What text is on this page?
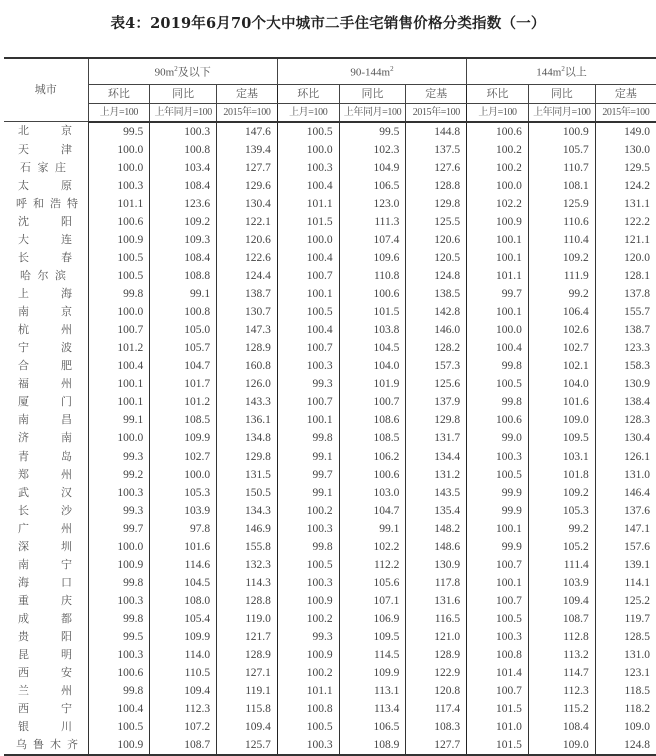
表4：2019年6月70个大中城市二手住宅销售价格分类指数（一）
城市	$90m^2$及以下			$90-144m^2$			$144m^2$以上		
	环比	同比	定基	环比	同比	定基	环比	同比	定基
	上月=100	上年同月=100	2015年=100	上月=100	上年同月=100	2015年=100	上月=100	上年同月=100	2015年=100

北京	99.5	100.3	147.6	100.5	99.5	144.8	100.6	100.9	149.0

天津	100.0	100.8	139.4	100.0	102.3	137.5	100.2	105.7	130.0

石家庄	100.0	103.4	127.7	100.3	104.9	127.6	100.2	110.7	129.5

太原	100.3	108.4	129.6	100.4	106.5	128.8	100.0	108.1	124.2

呼和浩特	101.1	123.6	130.4	101.1	123.0	129.8	102.2	125.9	131.1

沈阳	100.6	109.2	122.1	101.5	111.3	125.5	100.9	110.6	122.2

大连	100.9	109.3	120.6	100.0	107.4	120.6	100.1	110.4	121.1

长春	100.5	108.4	122.6	100.4	109.6	120.5	100.1	109.2	120.0

哈尔滨	100.5	108.8	124.4	100.7	110.8	124.8	101.1	111.9	128.1

上海	99.8	99.1	138.7	100.1	100.6	138.5	99.7	99.2	137.8

南京	100.0	100.8	130.7	100.5	101.5	142.8	100.1	106.4	155.7

杭州	100.7	105.0	147.3	100.4	103.8	146.0	100.0	102.6	138.7

宁波	101.2	105.7	128.9	100.7	104.5	128.2	100.4	102.7	123.3

合肥	100.4	104.7	160.8	100.3	104.0	157.3	99.8	102.1	158.3

福州	100.1	101.7	126.0	99.3	101.9	125.6	100.5	104.0	130.9

厦门	100.1	101.2	143.3	100.7	100.7	137.9	99.8	101.6	138.4

南昌	99.1	108.5	136.1	100.1	108.6	129.8	100.6	109.0	128.3

济南	100.0	109.9	134.8	99.8	108.5	131.7	99.0	109.5	130.4

青岛	99.3	102.7	129.8	99.1	106.2	134.4	100.3	103.1	126.1

郑州	99.2	100.0	131.5	99.7	100.6	131.2	100.5	101.8	131.0

武汉	100.3	105.3	150.5	99.1	103.0	143.5	99.9	109.2	146.4

长沙	99.3	103.9	134.3	100.2	104.7	135.4	99.9	105.3	137.6

广州	99.7	97.8	146.9	100.3	99.1	148.2	100.1	99.2	147.1

深圳	100.0	101.6	155.8	99.8	102.2	148.6	99.9	105.2	157.6

南宁	100.9	114.6	132.3	100.5	112.2	130.9	100.7	111.4	139.1

海口	99.8	104.5	114.3	100.3	105.6	117.8	100.1	103.9	114.1

重庆	100.3	108.0	128.8	100.9	107.1	131.6	100.7	109.4	125.2

成都	99.8	105.4	119.0	100.2	106.9	116.5	100.5	108.7	119.7

贵阳	99.5	109.9	121.7	99.3	109.5	121.0	100.3	112.8	128.5

昆明	100.3	114.0	128.9	100.9	114.5	128.9	100.8	113.2	131.0

西安	100.6	110.5	127.1	100.2	109.9	122.9	101.4	114.7	123.1

兰州	99.8	109.4	119.1	101.1	113.1	120.8	100.7	112.3	118.5

西宁	100.4	112.3	115.8	100.8	113.4	117.4	101.5	115.2	118.2

银川	100.5	107.2	109.4	100.5	106.5	108.3	101.0	108.4	109.0

乌鲁木齐	100.9	108.7	125.7	100.3	108.9	127.7	101.5	109.0	124.8
